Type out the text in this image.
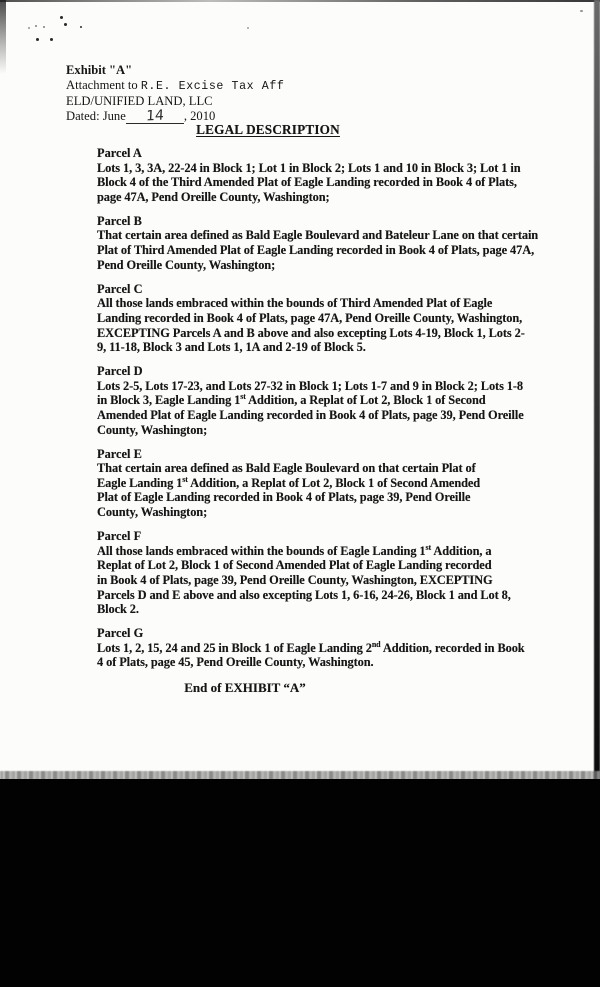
Exhibit "A"
Attachment to R.E. Excise Tax Aff
ELD/UNIFIED LAND, LLC
Dated: June 14 , 2010
LEGAL DESCRIPTION
Parcel A
Lots 1, 3, 3A, 22-24 in Block 1; Lot 1 in Block 2; Lots 1 and 10 in Block 3; Lot 1 in
Block 4 of the Third Amended Plat of Eagle Landing recorded in Book 4 of Plats,
page 47A, Pend Oreille County, Washington;
Parcel B
That certain area defined as Bald Eagle Boulevard and Bateleur Lane on that certain
Plat of Third Amended Plat of Eagle Landing recorded in Book 4 of Plats, page 47A,
Pend Oreille County, Washington;
Parcel C
All those lands embraced within the bounds of Third Amended Plat of Eagle
Landing recorded in Book 4 of Plats, page 47A, Pend Oreille County, Washington,
EXCEPTING Parcels A and B above and also excepting Lots 4-19, Block 1, Lots 2-
9, 11-18, Block 3 and Lots 1, 1A and 2-19 of Block 5.
Parcel D
Lots 2-5, Lots 17-23, and Lots 27-32 in Block 1; Lots 1-7 and 9 in Block 2; Lots 1-8
in Block 3, Eagle Landing 1st Addition, a Replat of Lot 2, Block 1 of Second
Amended Plat of Eagle Landing recorded in Book 4 of Plats, page 39, Pend Oreille
County, Washington;
Parcel E
That certain area defined as Bald Eagle Boulevard on that certain Plat of
Eagle Landing 1st Addition, a Replat of Lot 2, Block 1 of Second Amended
Plat of Eagle Landing recorded in Book 4 of Plats, page 39, Pend Oreille
County, Washington;
Parcel F
All those lands embraced within the bounds of Eagle Landing 1st Addition, a
Replat of Lot 2, Block 1 of Second Amended Plat of Eagle Landing recorded
in Book 4 of Plats, page 39, Pend Oreille County, Washington, EXCEPTING
Parcels D and E above and also excepting Lots 1, 6-16, 24-26, Block 1 and Lot 8,
Block 2.
Parcel G
Lots 1, 2, 15, 24 and 25 in Block 1 of Eagle Landing 2nd Addition, recorded in Book
4 of Plats, page 45, Pend Oreille County, Washington.
End of EXHIBIT “A”
